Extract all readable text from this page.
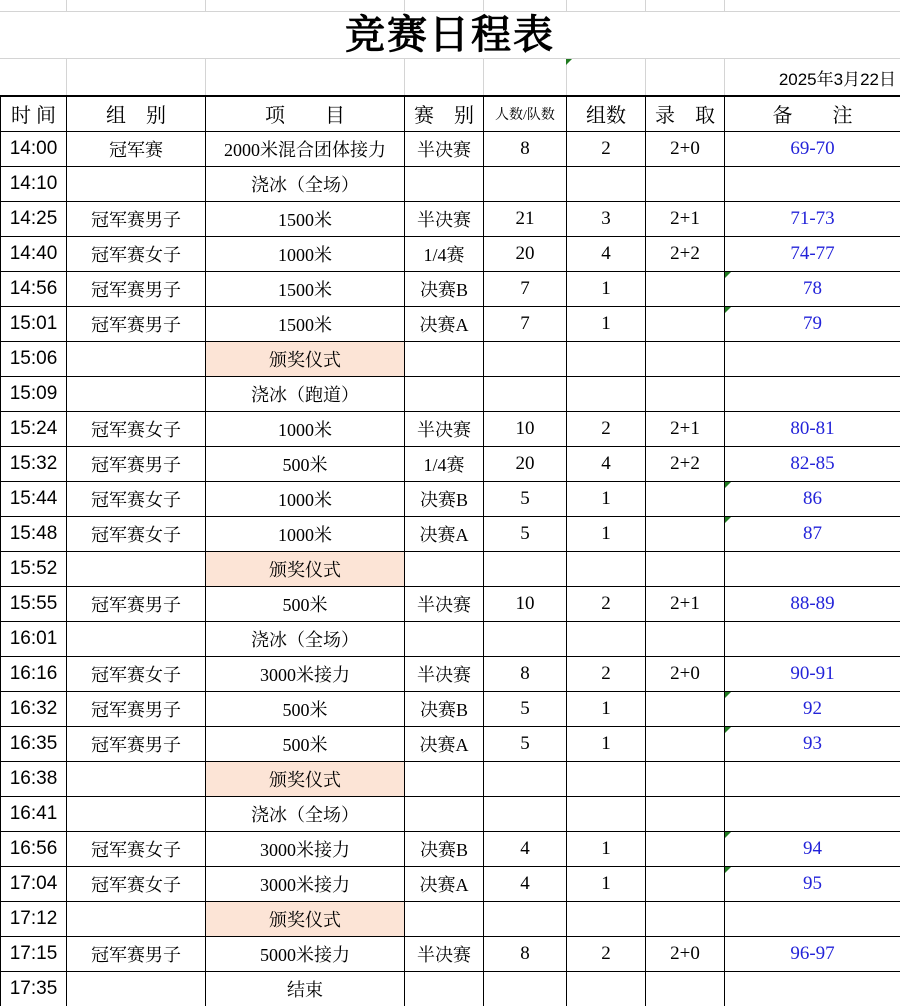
竞赛日程表
2025年3月22日
时 间	组　别	项　　目	赛　别	人数/队数	组数	录　取	备　　注
14:00	冠军赛	2000米混合团体接力	半决赛	8	2	2+0	69-70
14:10		浇冰（全场）					
14:25	冠军赛男子	1500米	半决赛	21	3	2+1	71-73
14:40	冠军赛女子	1000米	1/4赛	20	4	2+2	74-77
14:56	冠军赛男子	1500米	决赛B	7	1		78
15:01	冠军赛男子	1500米	决赛A	7	1		79
15:06		颁奖仪式					
15:09		浇冰（跑道）					
15:24	冠军赛女子	1000米	半决赛	10	2	2+1	80-81
15:32	冠军赛男子	500米	1/4赛	20	4	2+2	82-85
15:44	冠军赛女子	1000米	决赛B	5	1		86
15:48	冠军赛女子	1000米	决赛A	5	1		87
15:52		颁奖仪式					
15:55	冠军赛男子	500米	半决赛	10	2	2+1	88-89
16:01		浇冰（全场）					
16:16	冠军赛女子	3000米接力	半决赛	8	2	2+0	90-91
16:32	冠军赛男子	500米	决赛B	5	1		92
16:35	冠军赛男子	500米	决赛A	5	1		93
16:38		颁奖仪式					
16:41		浇冰（全场）					
16:56	冠军赛女子	3000米接力	决赛B	4	1		94
17:04	冠军赛女子	3000米接力	决赛A	4	1		95
17:12		颁奖仪式					
17:15	冠军赛男子	5000米接力	半决赛	8	2	2+0	96-97
17:35		结束					
